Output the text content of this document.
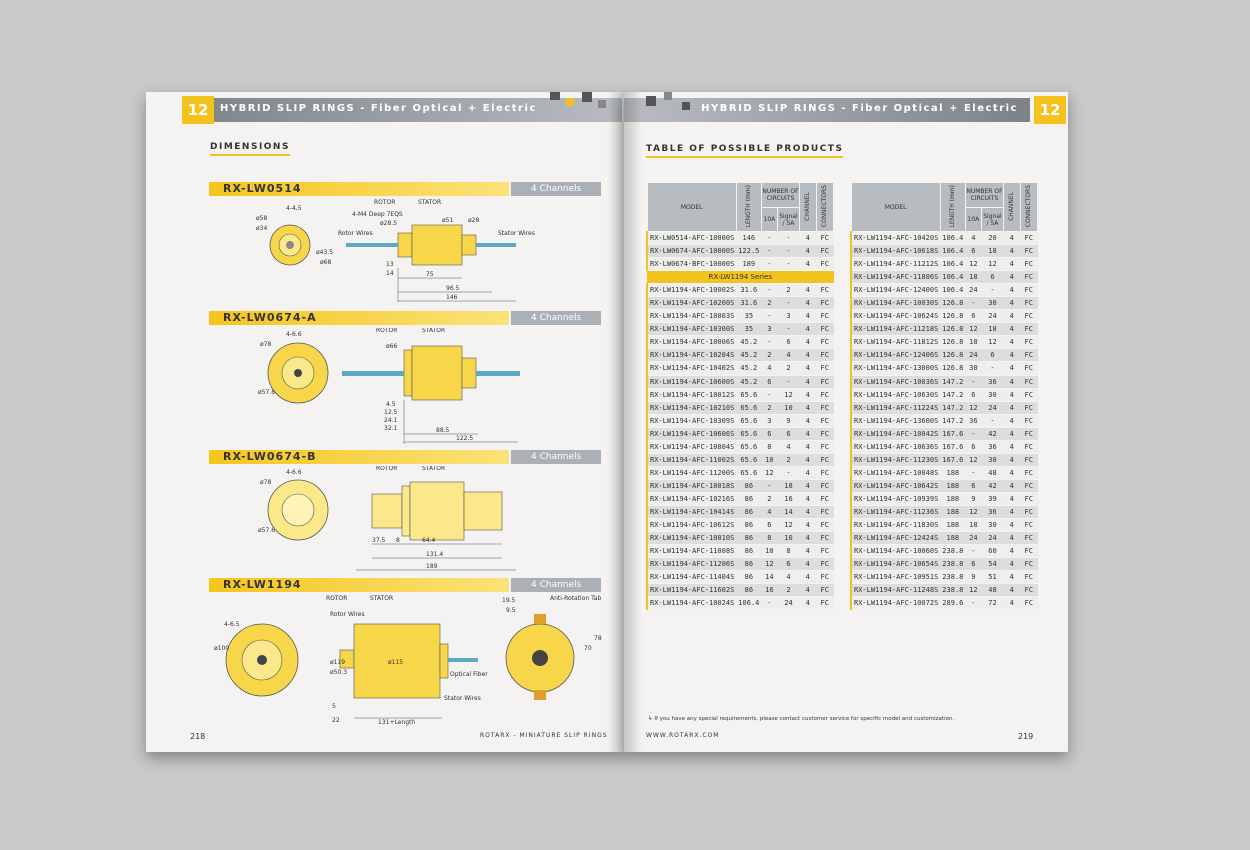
HYBRID SLIP RINGS - Fiber Optical + Electric
12
DIMENSIONS
RX-LW0514	4 Channels
RX-LW0674-A	4 Channels
RX-LW0674-B	4 Channels
RX-LW1194	4 Channels
ø58
ø34
4-4.5
ø43.5
ø68
ROTOR	STATOR
4-M4 Deep 7EQS
Rotor Wires	Stator Wires
ø28.5	ø51 ø28
13
14	75
96.5
146
4-6.6
ø78
ø57.6
ROTOR	STATOR
ø66
4.5
12.5
24.1
32.1	88.5
122.5
4-6.6
ø78
ø57.6
ROTOR	STATOR
37.5 8	64.4
131.4
189
4-6.5
ø100
ROTOR	STATOR
Rotor Wires
ø119
ø50.3
ø115
Optical Fiber
Stator Wires
5
22	131+Length
Anti-Rotation Tab
19.5
9.5
70
78
218	ROTARX - MINIATURE SLIP RINGS
HYBRID SLIP RINGS - Fiber Optical + Electric	12
TABLE OF POSSIBLE PRODUCTS
MODEL	LENGTH (mm)	NUMBER OF CIRCUITS		CHANNEL	CONNECTORS
		10A	Signal / 5A		
RX-LW0514-AFC-10000S	146	-	-	4	FC
RX-LW0674-AFC-10000S	122.5	-	-	4	FC
RX-LW0674-BFC-10000S	189	-	-	4	FC
RX-LW1194 Series					
RX-LW1194-AFC-10002S	31.6	-	2	4	FC
RX-LW1194-AFC-10200S	31.6	2	-	4	FC
RX-LW1194-AFC-10003S	35	-	3	4	FC
RX-LW1194-AFC-10300S	35	3	-	4	FC
RX-LW1194-AFC-10006S	45.2	-	6	4	FC
RX-LW1194-AFC-10204S	45.2	2	4	4	FC
RX-LW1194-AFC-10402S	45.2	4	2	4	FC
RX-LW1194-AFC-10600S	45.2	6	-	4	FC
RX-LW1194-AFC-10012S	65.6	-	12	4	FC
RX-LW1194-AFC-10210S	65.6	2	10	4	FC
RX-LW1194-AFC-10309S	65.6	3	9	4	FC
RX-LW1194-AFC-10606S	65.6	6	6	4	FC
RX-LW1194-AFC-10804S	65.6	8	4	4	FC
RX-LW1194-AFC-11002S	65.6	10	2	4	FC
RX-LW1194-AFC-11200S	65.6	12	-	4	FC
RX-LW1194-AFC-10018S	86	-	18	4	FC
RX-LW1194-AFC-10216S	86	2	16	4	FC
RX-LW1194-AFC-10414S	86	4	14	4	FC
RX-LW1194-AFC-10612S	86	6	12	4	FC
RX-LW1194-AFC-10810S	86	8	10	4	FC
RX-LW1194-AFC-11008S	86	10	8	4	FC
RX-LW1194-AFC-11206S	86	12	6	4	FC
RX-LW1194-AFC-11404S	86	14	4	4	FC
RX-LW1194-AFC-11602S	86	16	2	4	FC
RX-LW1194-AFC-10024S	106.4	-	24	4	FC
MODEL	LENGTH (mm)	NUMBER OF CIRCUITS		CHANNEL	CONNECTORS
		10A	Signal / 5A		
RX-LW1194-AFC-10420S	106.4	4	20	4	FC
RX-LW1194-AFC-10618S	106.4	6	18	4	FC
RX-LW1194-AFC-11212S	106.4	12	12	4	FC
RX-LW1194-AFC-11806S	106.4	18	6	4	FC
RX-LW1194-AFC-12400S	106.4	24	-	4	FC
RX-LW1194-AFC-10030S	126.8	-	30	4	FC
RX-LW1194-AFC-10624S	126.8	6	24	4	FC
RX-LW1194-AFC-11218S	126.8	12	18	4	FC
RX-LW1194-AFC-11812S	126.8	18	12	4	FC
RX-LW1194-AFC-12406S	126.8	24	6	4	FC
RX-LW1194-AFC-13000S	126.8	30	-	4	FC
RX-LW1194-AFC-10036S	147.2	-	36	4	FC
RX-LW1194-AFC-10630S	147.2	6	30	4	FC
RX-LW1194-AFC-11224S	147.2	12	24	4	FC
RX-LW1194-AFC-13600S	147.2	36	-	4	FC
RX-LW1194-AFC-10042S	167.6	-	42	4	FC
RX-LW1194-AFC-10636S	167.6	6	36	4	FC
RX-LW1194-AFC-11230S	167.6	12	30	4	FC
RX-LW1194-AFC-10048S	188	-	48	4	FC
RX-LW1194-AFC-10642S	188	6	42	4	FC
RX-LW1194-AFC-10939S	188	9	39	4	FC
RX-LW1194-AFC-11236S	188	12	36	4	FC
RX-LW1194-AFC-11830S	188	18	30	4	FC
RX-LW1194-AFC-12424S	188	24	24	4	FC
RX-LW1194-AFC-10060S	238.8	-	60	4	FC
RX-LW1194-AFC-10654S	238.8	6	54	4	FC
RX-LW1194-AFC-10951S	238.8	9	51	4	FC
RX-LW1194-AFC-11248S	238.8	12	48	4	FC
RX-LW1194-AFC-10072S	289.6	-	72	4	FC
↳ If you have any special requirements, please contact customer service for specific model and customization.
WWW.ROTARX.COM	219
